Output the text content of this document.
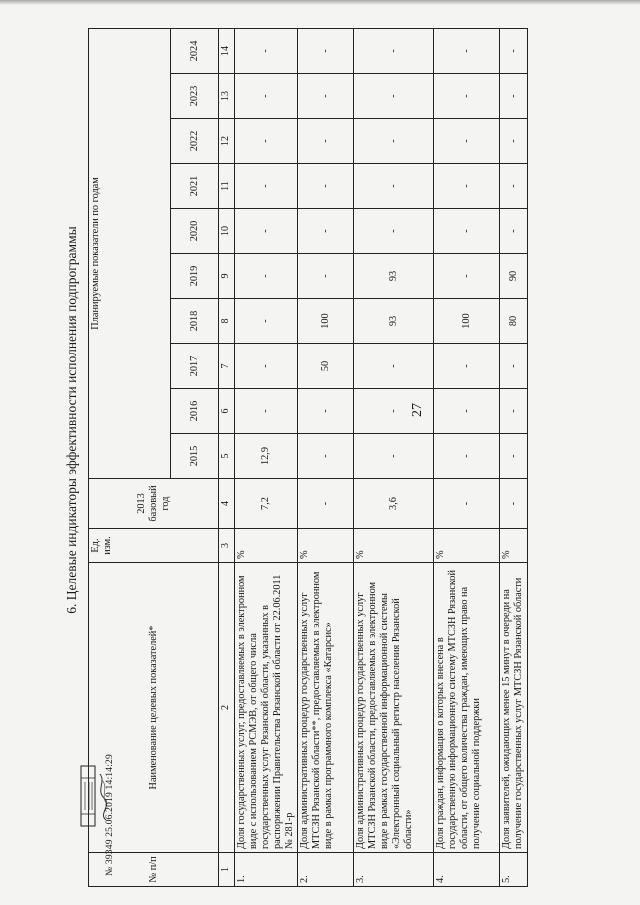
27
6. Целевые индикаторы эффективности исполнения подпрограммы
№ п/п	Наименование целевых показателей*	Ед. изм.	2013 базовый год	Планируемые показатели по годам									
				2015	2016	2017	2018	2019	2020	2021	2022	2023	2024
1	2	3	4	5	6	7	8	9	10	11	12	13	14
1.	Доля государственных услуг, предоставляемых в электронном виде с использованием РСМЭВ, от общего числа государственных услуг Рязанской области, указанных в распоряжении Правительства Рязанской области от 22.06.2011 № 281-р	%	7,2	12,9	-	-	-	-	-	-	-	-	-
2.	Доля административных процедур государственных услуг МТСЗН Рязанской области**, предоставляемых в электронном виде в рамках программного комплекса «Катарсис»	%	-	-	-	50	100	-	-	-	-	-	-
3.	Доля административных процедур государственных услуг МТСЗН Рязанской области, предоставляемых в электронном виде в рамках государственной информационной системы «Электронный социальный регистр населения Рязанской области»	%	3,6	-	-	-	93	93	-	-	-	-	-
4.	Доля граждан, информация о которых внесена в государственную информационную систему МТСЗН Рязанской области, от общего количества граждан, имеющих право на получение социальной поддержки	%	-	-	-	-	100	-	-	-	-	-	-
5.	Доля заявителей, ожидающих менее 15 минут в очереди на получение государственных услуг МТСЗН Рязанской области	%	-	-	-	-	80	90	-	-	-	-	-
№ 39349 25.06.2019 14:14:29
